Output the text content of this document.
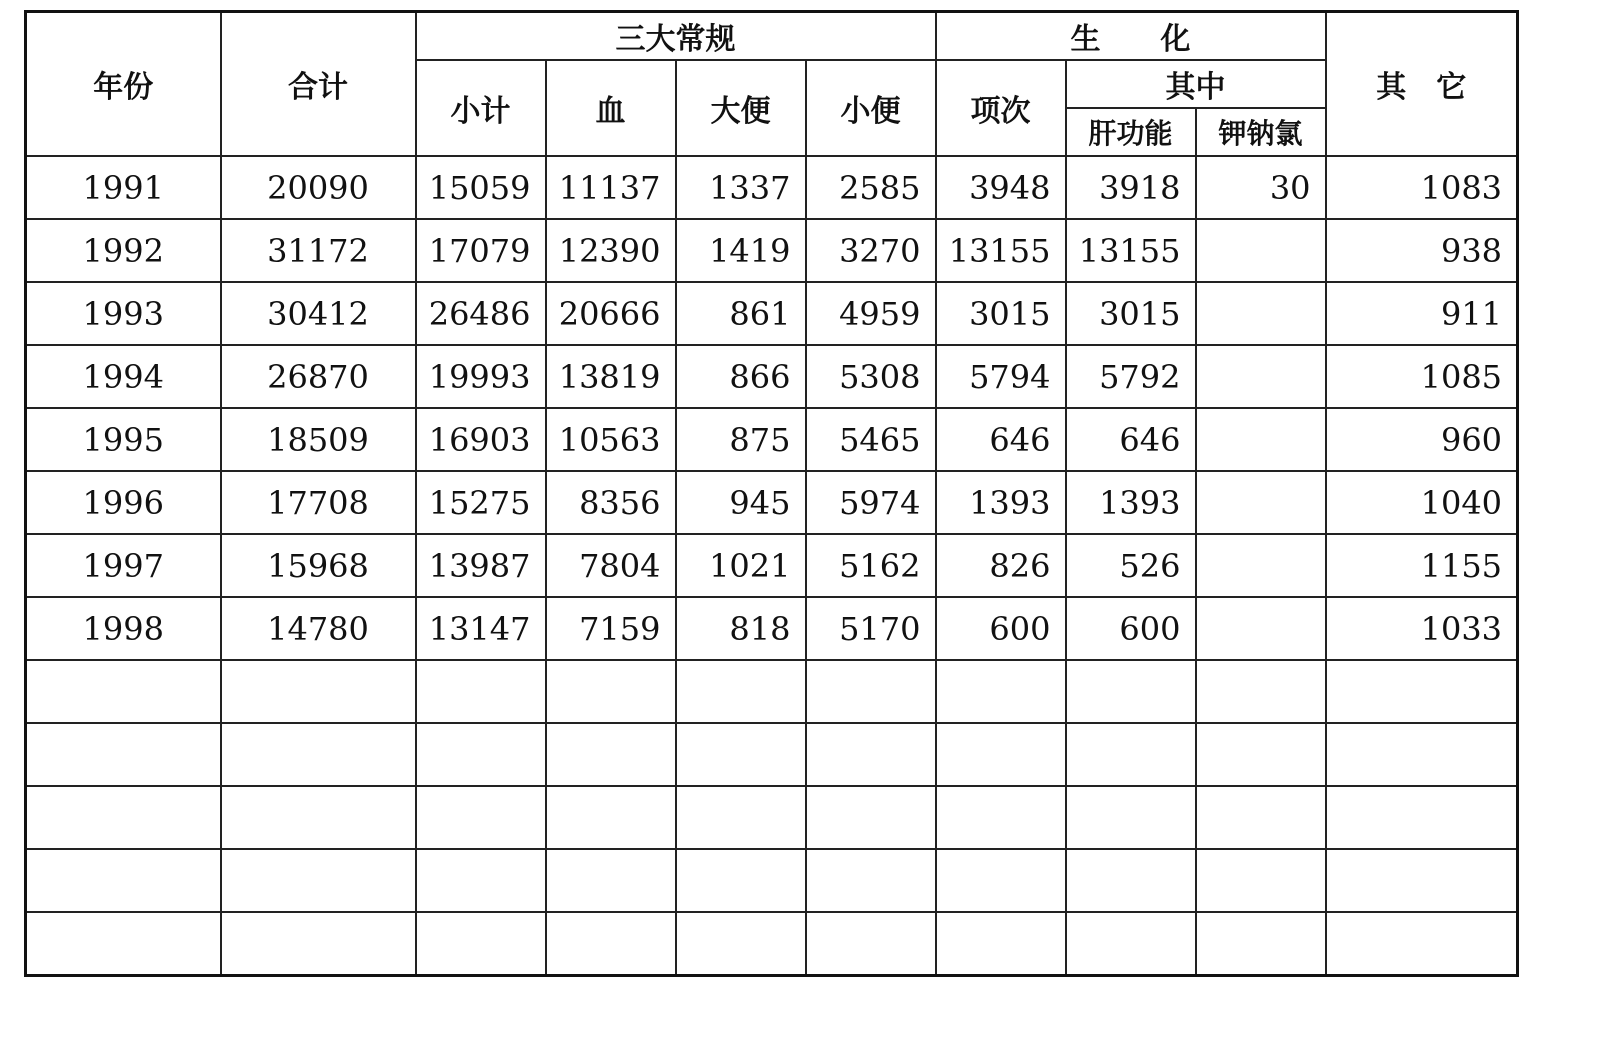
年份	合计	三大常规				生　　化			其　它
		小计	血	大便	小便	项次	其中		
							肝功能	钾钠氯	
1991	20090	15059	11137	1337	2585	3948	3918	30	1083
1992	31172	17079	12390	1419	3270	13155	13155		938
1993	30412	26486	20666	861	4959	3015	3015		911
1994	26870	19993	13819	866	5308	5794	5792		1085
1995	18509	16903	10563	875	5465	646	646		960
1996	17708	15275	8356	945	5974	1393	1393		1040
1997	15968	13987	7804	1021	5162	826	526		1155
1998	14780	13147	7159	818	5170	600	600		1033
